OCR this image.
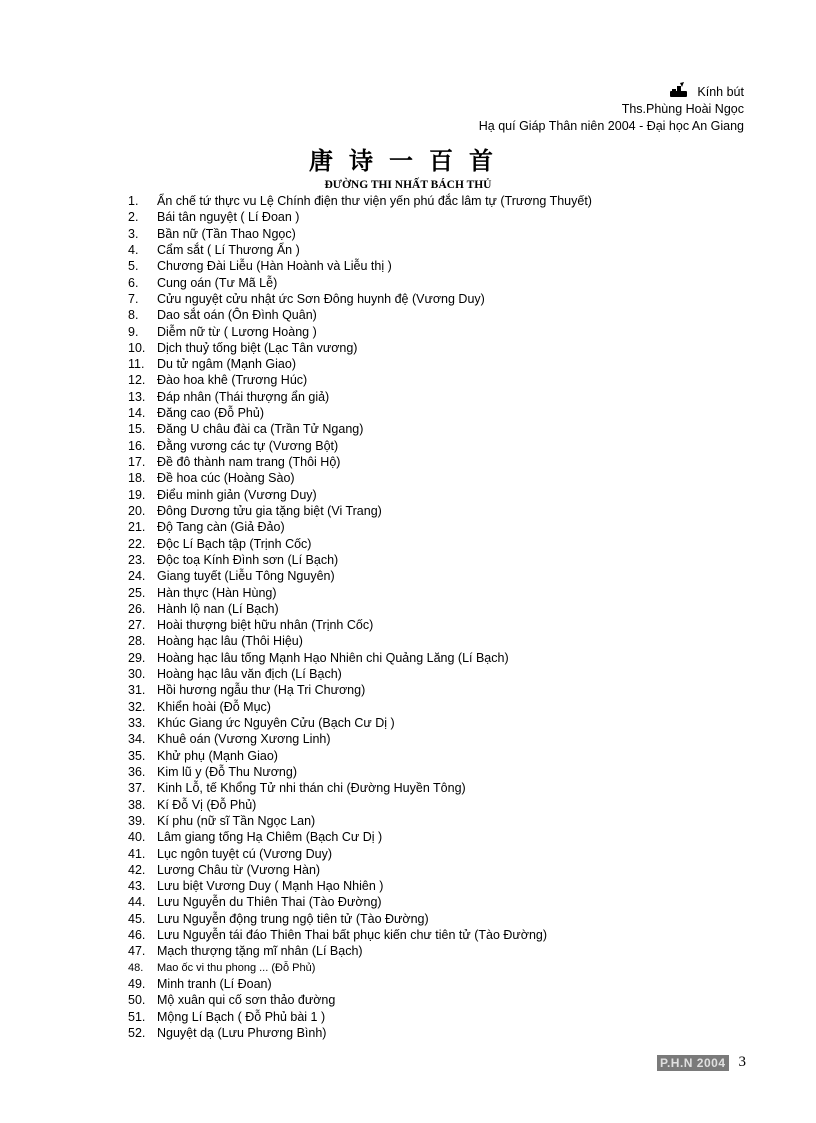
Kính bút
Ths.Phùng Hoài Ngọc
Hạ quí Giáp Thân niên 2004 - Đại học An Giang
唐诗一百首
ĐƯỜNG THI NHẤT BÁCH THỦ
1.	Ẩn chế tứ thực vu Lệ Chính điện thư viện yến phú đắc lâm tự (Trương Thuyết)
2.	Bái tân nguyệt ( Lí Đoan )
3.	Bần nữ (Tần Thao Ngọc)
4.	Cẩm sắt ( Lí Thương Ẩn )
5.	Chương Đài Liễu (Hàn Hoành và Liễu thị )
6.	Cung oán (Tư Mã Lễ)
7.	Cửu nguyệt cửu nhật ức Sơn Đông huynh đệ (Vương Duy)
8.	Dao sắt oán (Ôn Đình Quân)
9.	Diễm nữ từ ( Lương Hoàng )
10. Dịch thuỷ tống biệt (Lạc Tân vương)
11.	Du tử ngâm (Mạnh Giao)
12. Đào hoa khê (Trương Húc)
13. Đáp nhân (Thái thượng ẩn giả)
14. Đăng cao (Đỗ Phủ)
15. Đăng U châu đài ca (Trần Tử Ngang)
16. Đằng vương các tự (Vương Bột)
17. Đề đô thành nam trang (Thôi Hộ)
18. Đề hoa cúc (Hoàng Sào)
19. Điểu minh giản (Vương Duy)
20. Đông Dương tửu gia tặng biệt (Vi Trang)
21. Độ Tang càn (Giả Đảo)
22. Độc Lí Bạch tập (Trịnh Cốc)
23. Độc toạ Kính Đình sơn (Lí Bạch)
24. Giang tuyết (Liễu Tông Nguyên)
25. Hàn thực (Hàn Hùng)
26. Hành lộ nan (Lí Bạch)
27. Hoài thượng biệt hữu nhân (Trịnh Cốc)
28. Hoàng hạc lâu (Thôi Hiệu)
29. Hoàng hạc lâu tống Mạnh Hạo Nhiên chi Quảng Lăng (Lí Bạch)
30. Hoàng hạc lâu văn địch (Lí Bạch)
31. Hồi hương ngẫu thư (Hạ Tri Chương)
32. Khiển hoài (Đỗ Mục)
33. Khúc Giang ức Nguyên Cửu (Bạch Cư Dị )
34. Khuê oán (Vương Xương Linh)
35. Khử phụ (Mạnh Giao)
36. Kim lũ y (Đỗ Thu Nương)
37. Kinh Lỗ, tế Khổng Tử nhi thán chi (Đường Huyền Tông)
38. Kí Đỗ Vị (Đỗ Phủ)
39. Kí phu (nữ sĩ Tần Ngọc Lan)
40. Lâm giang tống Hạ Chiêm (Bạch Cư Dị )
41. Lục ngôn tuyệt cú (Vương Duy)
42. Lương Châu từ (Vương Hàn)
43. Lưu biệt Vương Duy ( Mạnh Hạo Nhiên )
44. Lưu Nguyễn du Thiên Thai (Tào Đường)
45. Lưu Nguyễn động trung ngộ tiên tử (Tào Đường)
46. Lưu Nguyễn tái đáo Thiên Thai bất phục kiến chư tiên tử (Tào Đường)
47. Mạch thượng tặng mĩ nhân (Lí Bạch)
48.	Mao ốc vi thu phong ... (Đỗ Phủ)
49. Minh tranh (Lí Đoan)
50. Mộ xuân qui cố sơn thảo đường
51. Mộng Lí Bạch ( Đỗ Phủ bài 1 )
52. Nguyệt dạ (Lưu Phương Bình)
P.H.N 2004 3
